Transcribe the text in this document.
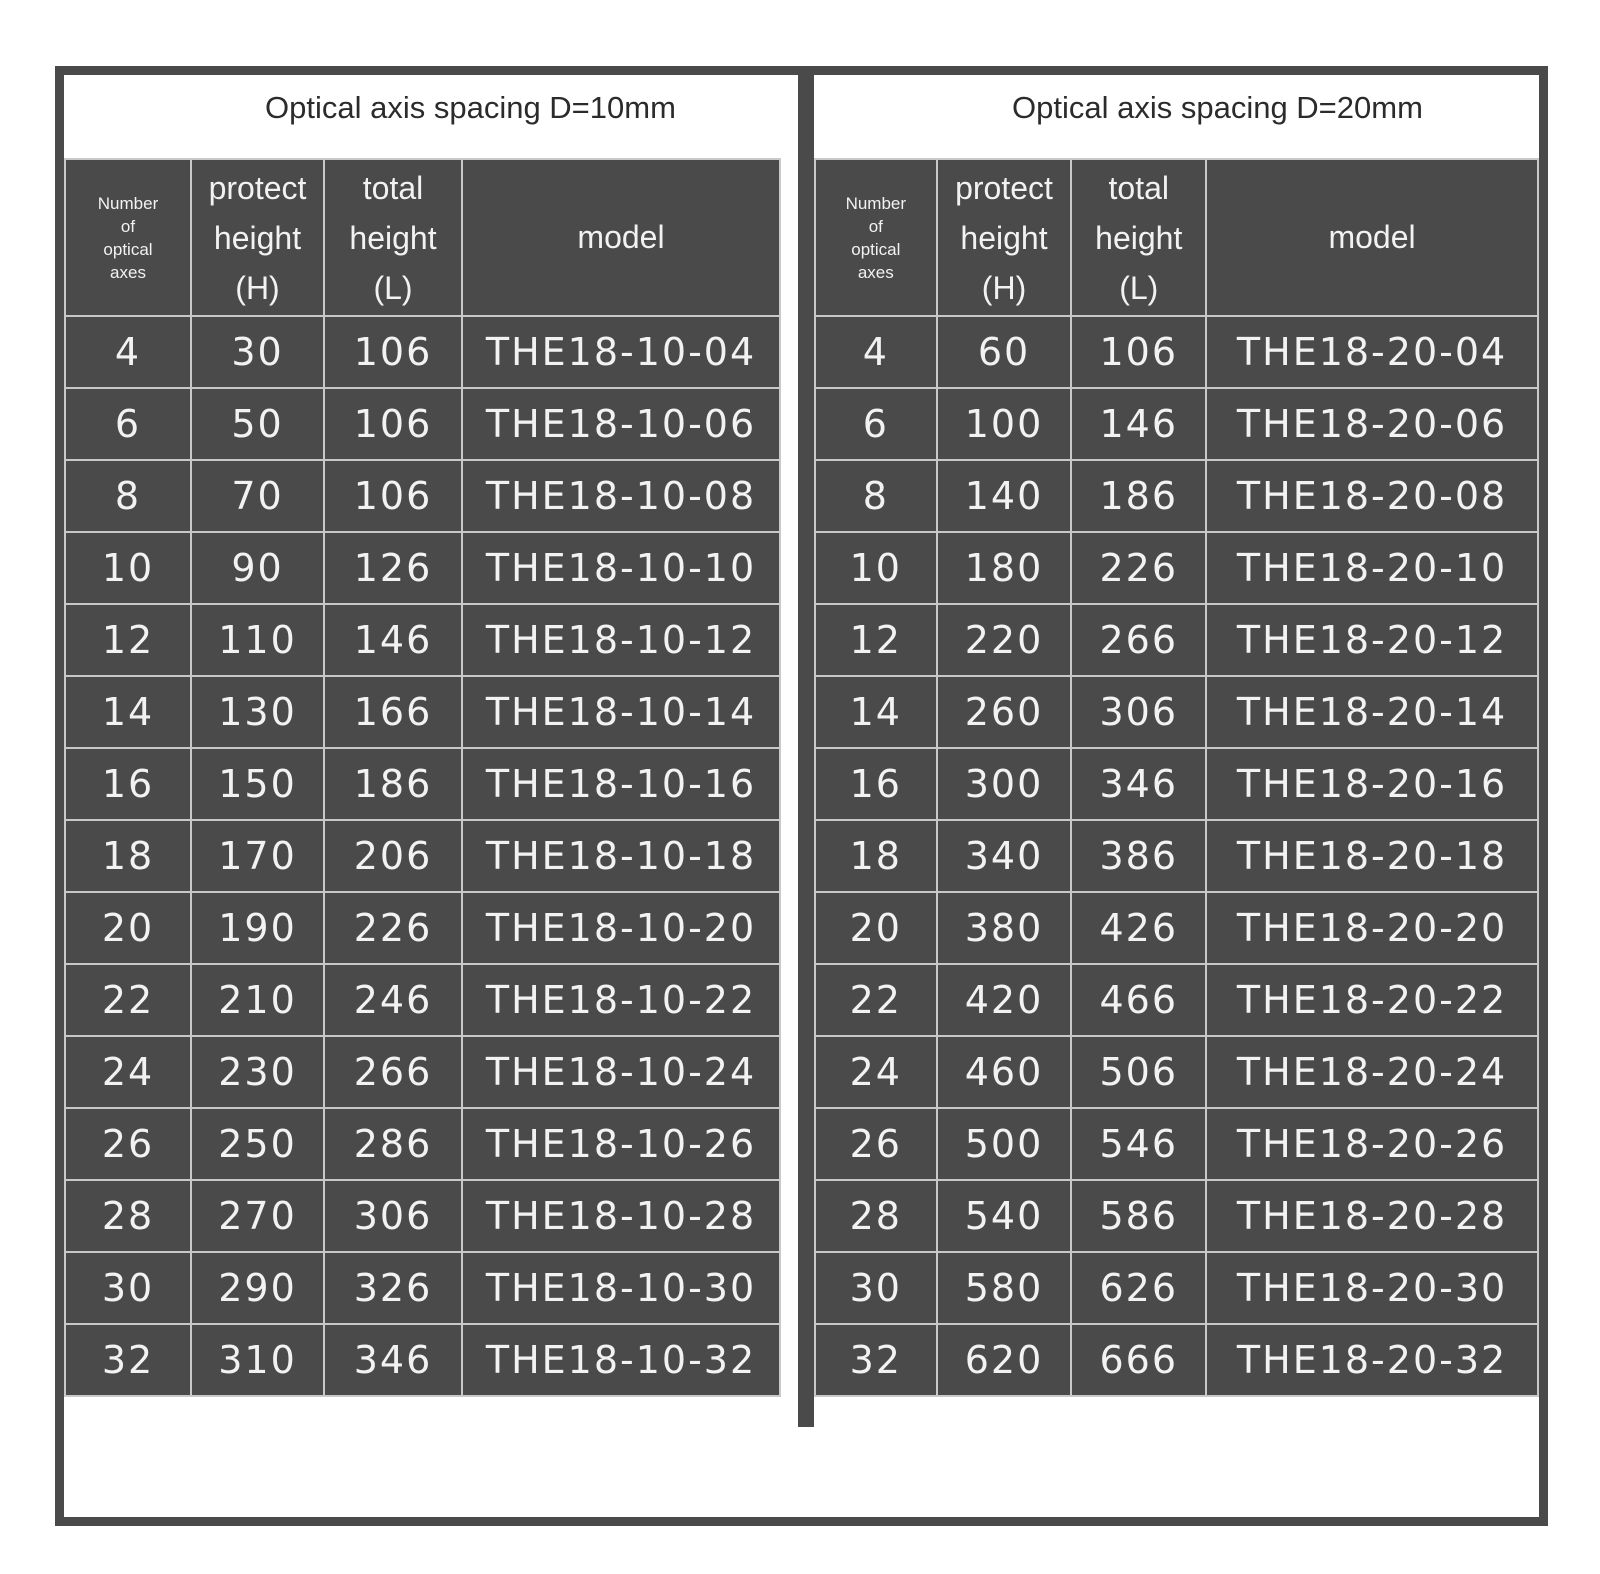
Optical axis spacing D=10mm
Number
of
optical
axes	protect
height
(H)	total
height
(L)	model
4	30	106	THE18-10-04
6	50	106	THE18-10-06
8	70	106	THE18-10-08
10	90	126	THE18-10-10
12	110	146	THE18-10-12
14	130	166	THE18-10-14
16	150	186	THE18-10-16
18	170	206	THE18-10-18
20	190	226	THE18-10-20
22	210	246	THE18-10-22
24	230	266	THE18-10-24
26	250	286	THE18-10-26
28	270	306	THE18-10-28
30	290	326	THE18-10-30
32	310	346	THE18-10-32
Optical axis spacing D=20mm
Number
of
optical
axes	protect
height
(H)	total
height
(L)	model
4	60	106	THE18-20-04
6	100	146	THE18-20-06
8	140	186	THE18-20-08
10	180	226	THE18-20-10
12	220	266	THE18-20-12
14	260	306	THE18-20-14
16	300	346	THE18-20-16
18	340	386	THE18-20-18
20	380	426	THE18-20-20
22	420	466	THE18-20-22
24	460	506	THE18-20-24
26	500	546	THE18-20-26
28	540	586	THE18-20-28
30	580	626	THE18-20-30
32	620	666	THE18-20-32
